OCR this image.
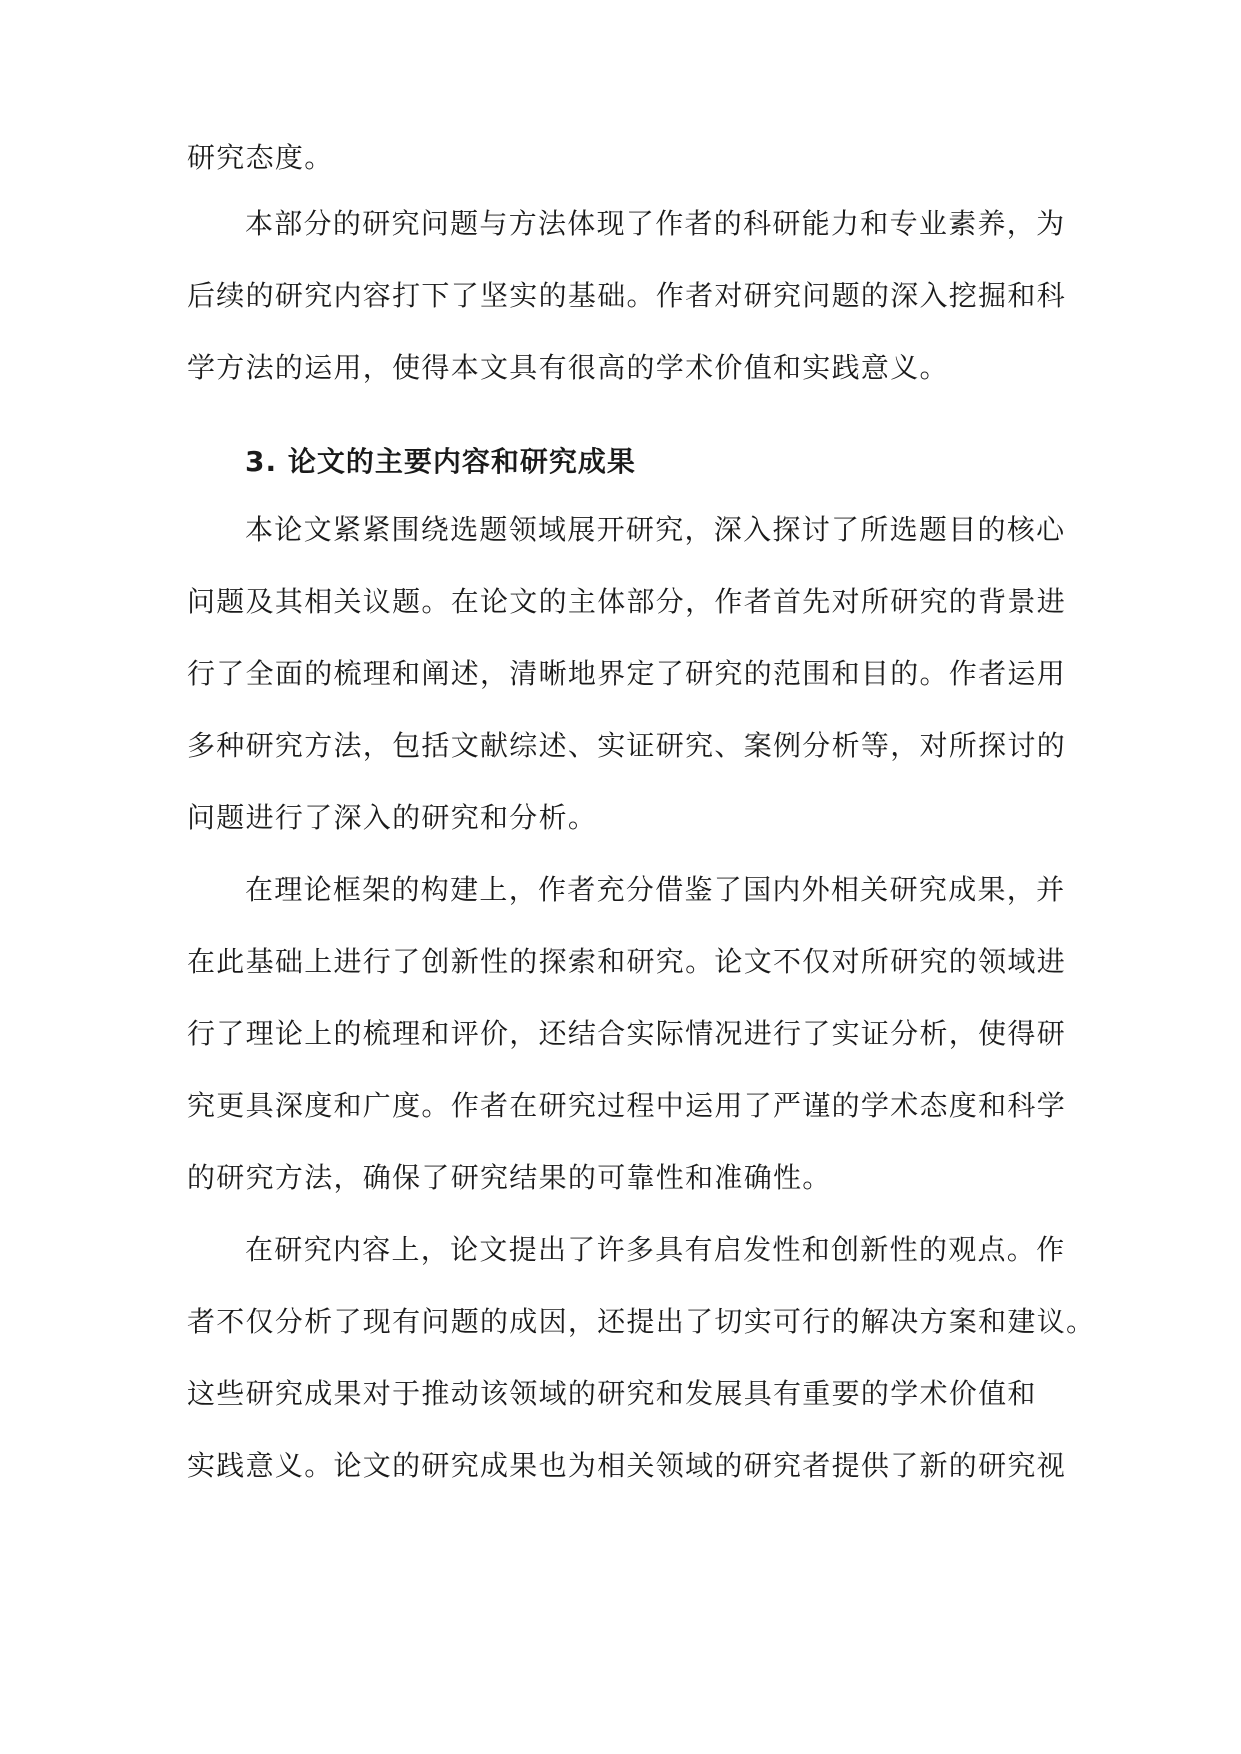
研究态度。
本部分的研究问题与方法体现了作者的科研能力和专业素养，为
后续的研究内容打下了坚实的基础。作者对研究问题的深入挖掘和科
学方法的运用，使得本文具有很高的学术价值和实践意义。
3. 论文的主要内容和研究成果
本论文紧紧围绕选题领域展开研究，深入探讨了所选题目的核心
问题及其相关议题。在论文的主体部分，作者首先对所研究的背景进
行了全面的梳理和阐述，清晰地界定了研究的范围和目的。作者运用
多种研究方法，包括文献综述、实证研究、案例分析等，对所探讨的
问题进行了深入的研究和分析。
在理论框架的构建上，作者充分借鉴了国内外相关研究成果，并
在此基础上进行了创新性的探索和研究。论文不仅对所研究的领域进
行了理论上的梳理和评价，还结合实际情况进行了实证分析，使得研
究更具深度和广度。作者在研究过程中运用了严谨的学术态度和科学
的研究方法，确保了研究结果的可靠性和准确性。
在研究内容上，论文提出了许多具有启发性和创新性的观点。作
者不仅分析了现有问题的成因，还提出了切实可行的解决方案和建议。
这些研究成果对于推动该领域的研究和发展具有重要的学术价值和
实践意义。论文的研究成果也为相关领域的研究者提供了新的研究视
